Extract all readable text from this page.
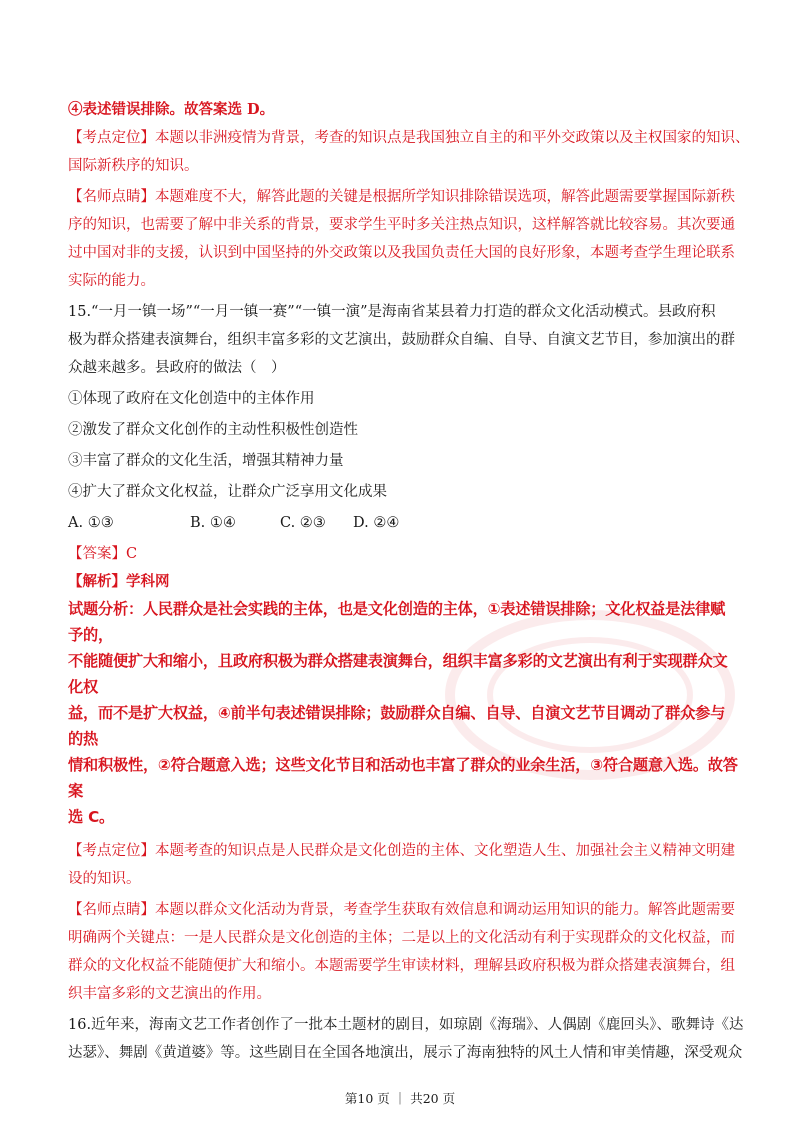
④表述错误排除。故答案选 D。
【考点定位】本题以非洲疫情为背景，考查的知识点是我国独立自主的和平外交政策以及主权国家的知识、
国际新秩序的知识。
【名师点睛】本题难度不大，解答此题的关键是根据所学知识排除错误选项，解答此题需要掌握国际新秩
序的知识，也需要了解中非关系的背景，要求学生平时多关注热点知识，这样解答就比较容易。其次要通
过中国对非的支援，认识到中国坚持的外交政策以及我国负责任大国的良好形象，本题考查学生理论联系
实际的能力。
15.“一月一镇一场”“一月一镇一赛”“一镇一演”是海南省某县着力打造的群众文化活动模式。县政府积
极为群众搭建表演舞台，组织丰富多彩的文艺演出，鼓励群众自编、自导、自演文艺节目，参加演出的群
众越来越多。县政府的做法（　）
①体现了政府在文化创造中的主体作用
②激发了群众文化创作的主动性积极性创造性
③丰富了群众的文化生活，增强其精神力量
④扩大了群众文化权益，让群众广泛享用文化成果
A. ①③	B. ①④	C. ②③	D. ②④
【答案】C
【解析】学科网
试题分析：人民群众是社会实践的主体，也是文化创造的主体，①表述错误排除；文化权益是法律赋予的，
不能随便扩大和缩小，且政府积极为群众搭建表演舞台，组织丰富多彩的文艺演出有利于实现群众文化权
益，而不是扩大权益，④前半句表述错误排除；鼓励群众自编、自导、自演文艺节目调动了群众参与的热
情和积极性，②符合题意入选；这些文化节目和活动也丰富了群众的业余生活，③符合题意入选。故答案
选 C。
【考点定位】本题考查的知识点是人民群众是文化创造的主体、文化塑造人生、加强社会主义精神文明建
设的知识。
【名师点睛】本题以群众文化活动为背景，考查学生获取有效信息和调动运用知识的能力。解答此题需要
明确两个关键点：一是人民群众是文化创造的主体；二是以上的文化活动有利于实现群众的文化权益，而
群众的文化权益不能随便扩大和缩小。本题需要学生审读材料，理解县政府积极为群众搭建表演舞台，组
织丰富多彩的文艺演出的作用。
16.近年来，海南文艺工作者创作了一批本土题材的剧目，如琼剧《海瑞》、人偶剧《鹿回头》、歌舞诗《达
达瑟》、舞剧《黄道婆》等。这些剧目在全国各地演出，展示了海南独特的风土人情和审美情趣，深受观众
第10 页 ｜ 共20 页
